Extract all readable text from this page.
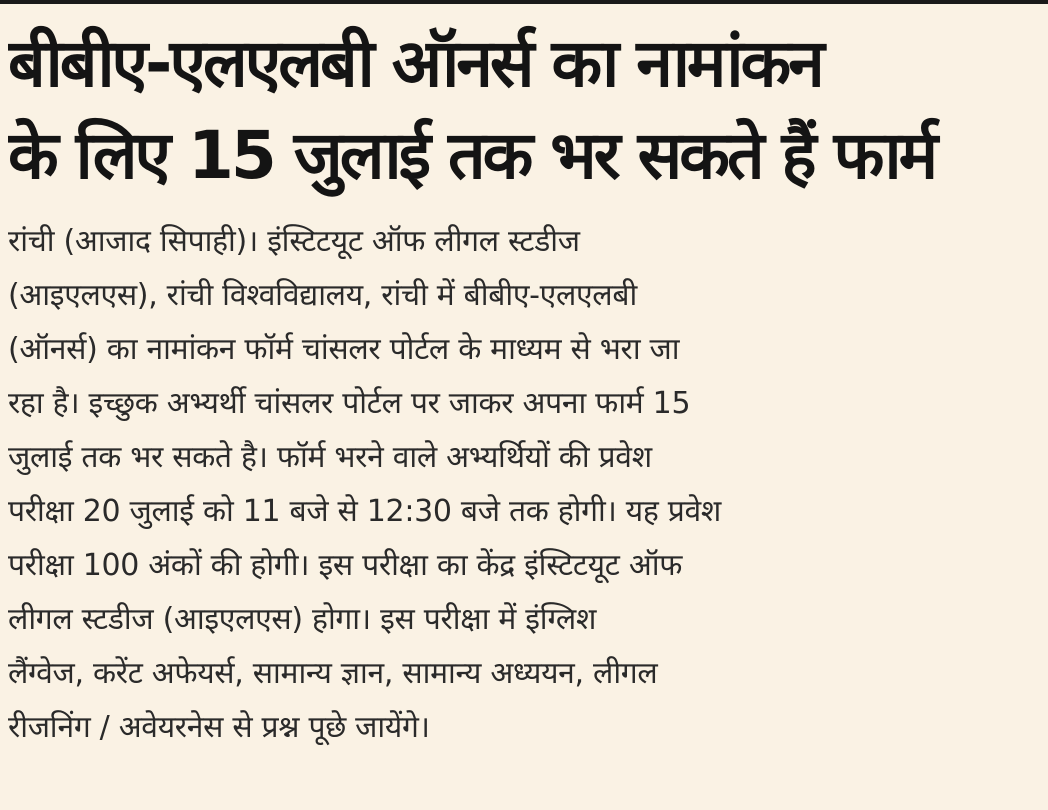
बीबीए-एलएलबी ऑनर्स का नामांकन
के लिए 15 जुलाई तक भर सकते हैं फार्म
रांची (आजाद सिपाही)। इंस्टिटयूट ऑफ लीगल स्टडीज
(आइएलएस), रांची विश्वविद्यालय, रांची में बीबीए-एलएलबी
(ऑनर्स) का नामांकन फॉर्म चांसलर पोर्टल के माध्यम से भरा जा
रहा है। इच्छुक अभ्यर्थी चांसलर पोर्टल पर जाकर अपना फार्म 15
जुलाई तक भर सकते है। फॉर्म भरने वाले अभ्यर्थियों की प्रवेश
परीक्षा 20 जुलाई को 11 बजे से 12:30 बजे तक होगी। यह प्रवेश
परीक्षा 100 अंकों की होगी। इस परीक्षा का केंद्र इंस्टिटयूट ऑफ
लीगल स्टडीज (आइएलएस) होगा। इस परीक्षा में इंग्लिश
लैंग्वेज, करेंट अफेयर्स, सामान्य ज्ञान, सामान्य अध्ययन, लीगल
रीजनिंग / अवेयरनेस से प्रश्न पूछे जायेंगे।
